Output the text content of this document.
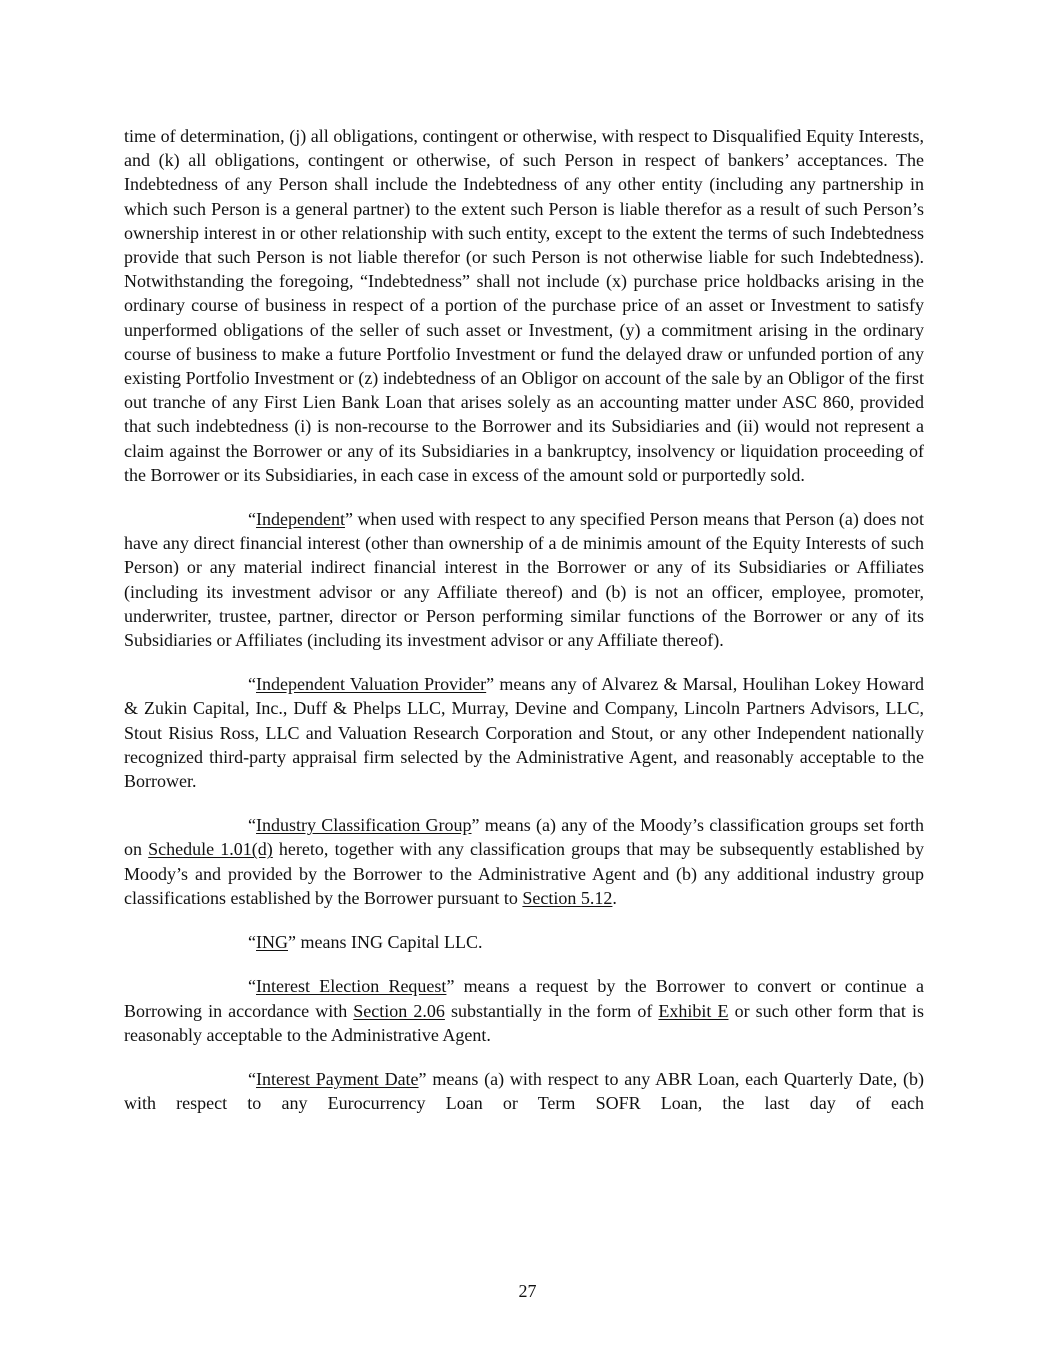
time of determination, (j) all obligations, contingent or otherwise, with respect to Disqualified Equity Interests, and (k) all obligations, contingent or otherwise, of such Person in respect of bankers’ acceptances. The Indebtedness of any Person shall include the Indebtedness of any other entity (including any partnership in which such Person is a general partner) to the extent such Person is liable therefor as a result of such Person’s ownership interest in or other relationship with such entity, except to the extent the terms of such Indebtedness provide that such Person is not liable therefor (or such Person is not otherwise liable for such Indebtedness). Notwithstanding the foregoing, “Indebtedness” shall not include (x) purchase price holdbacks arising in the ordinary course of business in respect of a portion of the purchase price of an asset or Investment to satisfy unperformed obligations of the seller of such asset or Investment, (y) a commitment arising in the ordinary course of business to make a future Portfolio Investment or fund the delayed draw or unfunded portion of any existing Portfolio Investment or (z) indebtedness of an Obligor on account of the sale by an Obligor of the first out tranche of any First Lien Bank Loan that arises solely as an accounting matter under ASC 860, provided that such indebtedness (i) is non-recourse to the Borrower and its Subsidiaries and (ii) would not represent a claim against the Borrower or any of its Subsidiaries in a bankruptcy, insolvency or liquidation proceeding of the Borrower or its Subsidiaries, in each case in excess of the amount sold or purportedly sold.

“Independent” when used with respect to any specified Person means that Person (a) does not have any direct financial interest (other than ownership of a de minimis amount of the Equity Interests of such Person) or any material indirect financial interest in the Borrower or any of its Subsidiaries or Affiliates (including its investment advisor or any Affiliate thereof) and (b) is not an officer, employee, promoter, underwriter, trustee, partner, director or Person performing similar functions of the Borrower or any of its Subsidiaries or Affiliates (including its investment advisor or any Affiliate thereof).

“Independent Valuation Provider” means any of Alvarez & Marsal, Houlihan Lokey Howard & Zukin Capital, Inc., Duff & Phelps LLC, Murray, Devine and Company, Lincoln Partners Advisors, LLC, Stout Risius Ross, LLC and Valuation Research Corporation and Stout, or any other Independent nationally recognized third-party appraisal firm selected by the Administrative Agent, and reasonably acceptable to the Borrower.

“Industry Classification Group” means (a) any of the Moody’s classification groups set forth on Schedule 1.01(d) hereto, together with any classification groups that may be subsequently established by Moody’s and provided by the Borrower to the Administrative Agent and (b) any additional industry group classifications established by the Borrower pursuant to Section 5.12.

“ING” means ING Capital LLC.

“Interest Election Request” means a request by the Borrower to convert or continue a Borrowing in accordance with Section 2.06 substantially in the form of Exhibit E or such other form that is reasonably acceptable to the Administrative Agent.

“Interest Payment Date” means (a) with respect to any ABR Loan, each Quarterly Date, (b) with respect to any Eurocurrency Loan or Term SOFR Loan, the last day of each

27
